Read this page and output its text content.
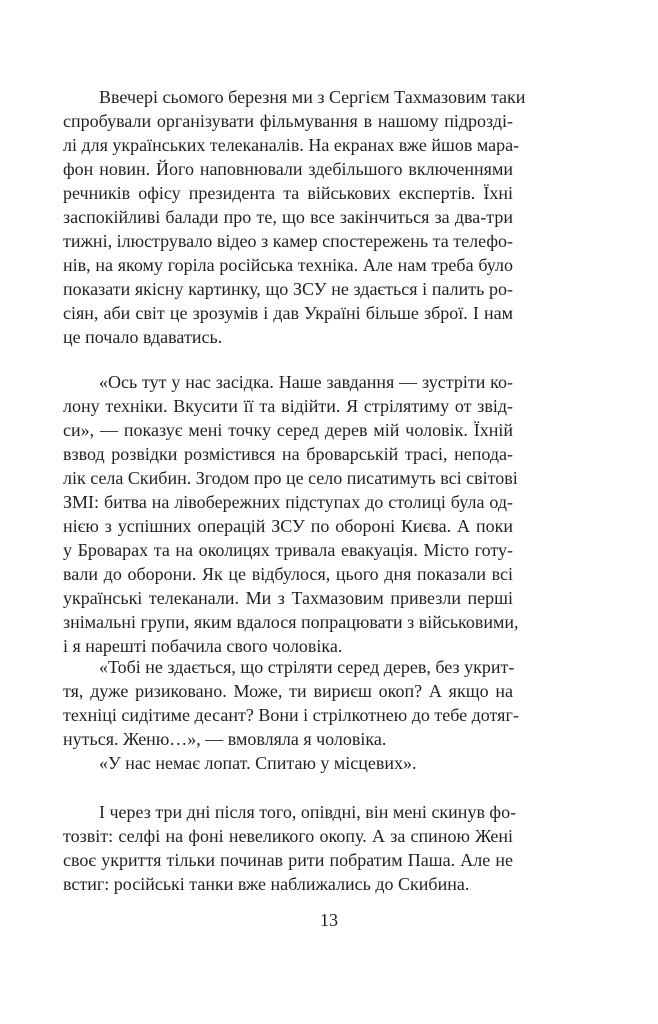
Ввечері сьомого березня ми з Сергієм Тахмазовим таки
спробували організувати фільмування в нашому підрозді-
лі для українських телеканалів. На екранах вже йшов мара-
фон новин. Його наповнювали здебільшого включеннями
речників офісу президента та військових експертів. Їхні
заспокійливі балади про те, що все закінчиться за два-три
тижні, ілюструвало відео з камер спостережень та телефо-
нів, на якому горіла російська техніка. Але нам треба було
показати якісну картинку, що ЗСУ не здається і палить ро-
сіян, аби світ це зрозумів і дав Україні більше зброї. І нам
це почало вдаватись.
«Ось тут у нас засідка. Наше завдання — зустріти ко-
лону техніки. Вкусити її та відійти. Я стрілятиму от звід-
си», — показує мені точку серед дерев мій чоловік. Їхній
взвод розвідки розмістився на броварській трасі, непода-
лік села Скибин. Згодом про це село писатимуть всі світові
ЗМІ: битва на лівобережних підступах до столиці була од-
нією з успішних операцій ЗСУ по обороні Києва. А поки
у Броварах та на околицях тривала евакуація. Місто готу-
вали до оборони. Як це відбулося, цього дня показали всі
українські телеканали. Ми з Тахмазовим привезли перші
знімальні групи, яким вдалося попрацювати з військовими,
і я нарешті побачила свого чоловіка.
«Тобі не здається, що стріляти серед дерев, без укрит-
тя, дуже ризиковано. Може, ти вириєш окоп? А якщо на
техніці сидітиме десант? Вони і стрілкотнею до тебе дотяг-
нуться. Женю…», — вмовляла я чоловіка.
«У нас немає лопат. Спитаю у місцевих».
І через три дні після того, опівдні, він мені скинув фо-
тозвіт: селфі на фоні невеликого окопу. А за спиною Жені
своє укриття тільки починав рити побратим Паша. Але не
встиг: російські танки вже наближались до Скибина.
13
